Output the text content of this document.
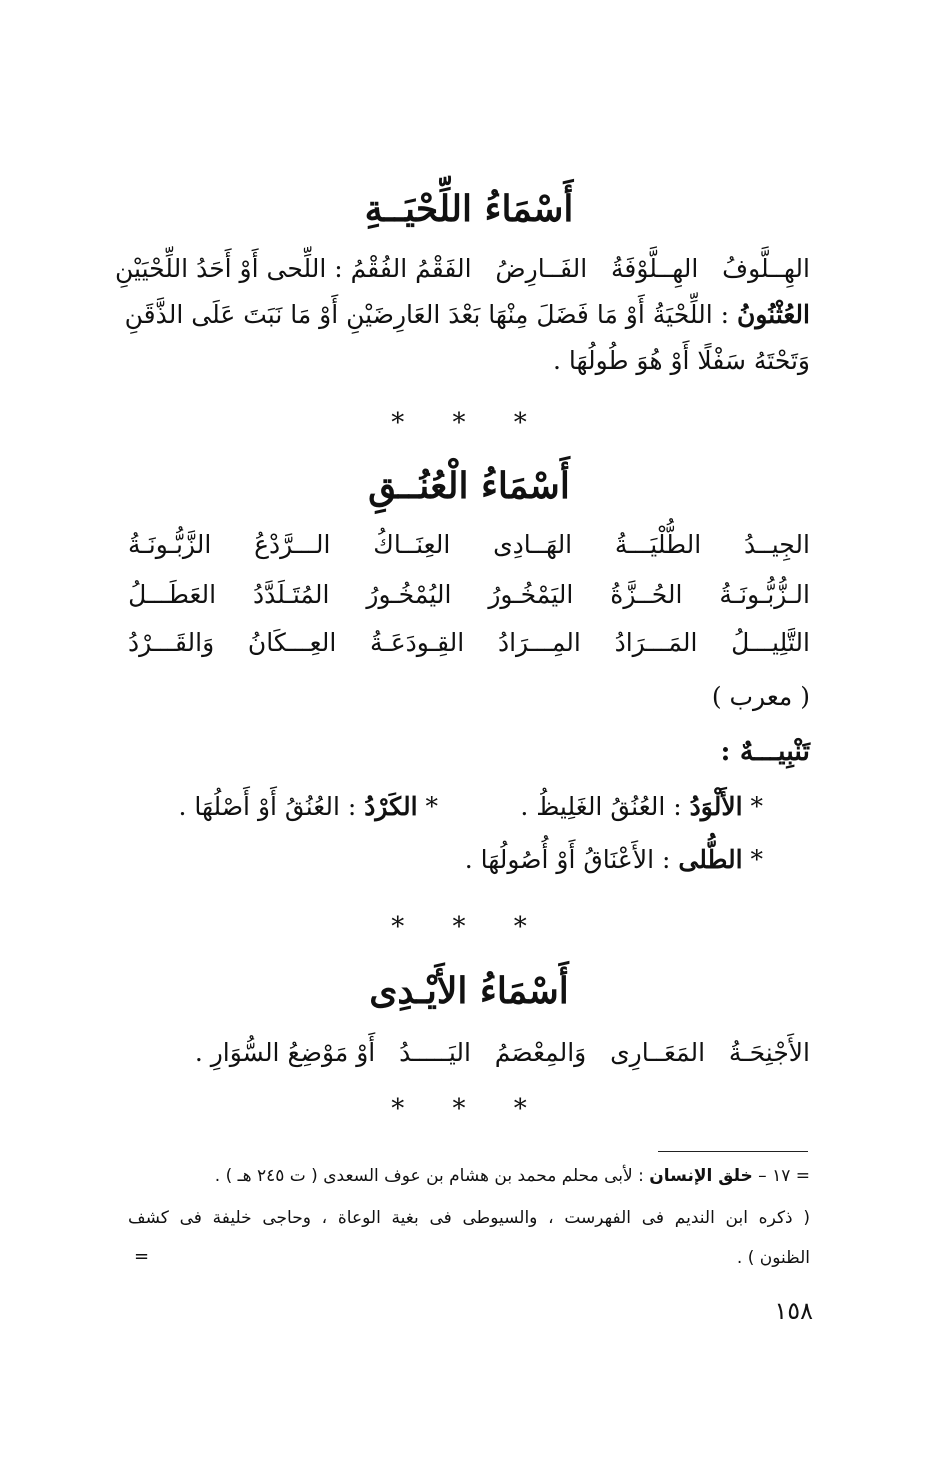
أَسْمَاءُ اللِّحْيَــةِ
الهِــلَّوفُ   الهِــلَّوْفَةُ   الفَــارِضُ   الفَقْمُ الفُقْمُ : اللِّحى أَوْ أَحَدُ اللِّحْيَيْنِ
العُثْنُونُ : اللِّحْيَةُ أَوْ مَا فَضَلَ مِنْهَا بَعْدَ العَارِضَيْنِ أَوْ مَا نَبَتَ عَلَى الذَّقَنِ
وَتَحْتَهُ سَفْلًا أَوْ هُوَ طُولُهَا .
* * *
أَسْمَاءُ الْعُنُــقِ
الجِيــدُ
الطُّلْيَـــةُ
الهَــادِى
العِنَــاكُ
الـــرَّدْعُ
الزَّبُّـونَـةُ
الـزُّبُّـونَـةُ
الحُــزَّةُ
اليَمْخُـورُ
اليُمْخُـورُ
المُتَـلَدَّدُ
العَطَـــلُ
التَّلِيـــلُ
المَـــرَادُ
المِـــرَادُ
القِـودَعَـةُ
العِـــكَانُ
وَالقَـــرْدُ
( معرب )
تَنْبِيـــهٌ :
* الأَلْوَدُ : العُنُقُ الغَلِيظُ .
* الكَرْدُ : العُنُقُ أَوْ أَصْلُهَا .
* الطُّلى : الأَعْنَاقُ أَوْ أُصُولُهَا .
* * *
أَسْمَاءُ الأَيْـدِى
الأَجْنِحَـةُ   المَعَــارِى   وَالمِعْصَمُ   اليَـــــدُ   أَوْ مَوْضِعُ السُّوَارِ .
* * *
= ١٧ – خلق الإنسان : لأبى محلم محمد بن هشام بن عوف السعدى ( ت ٢٤٥ هـ ) .
( ذكره ابن النديم فى الفهرست ، والسيوطى فى بغية الوعاة ، وحاجى خليفة فى كشف
الظنون ) .
=
١٥٨
